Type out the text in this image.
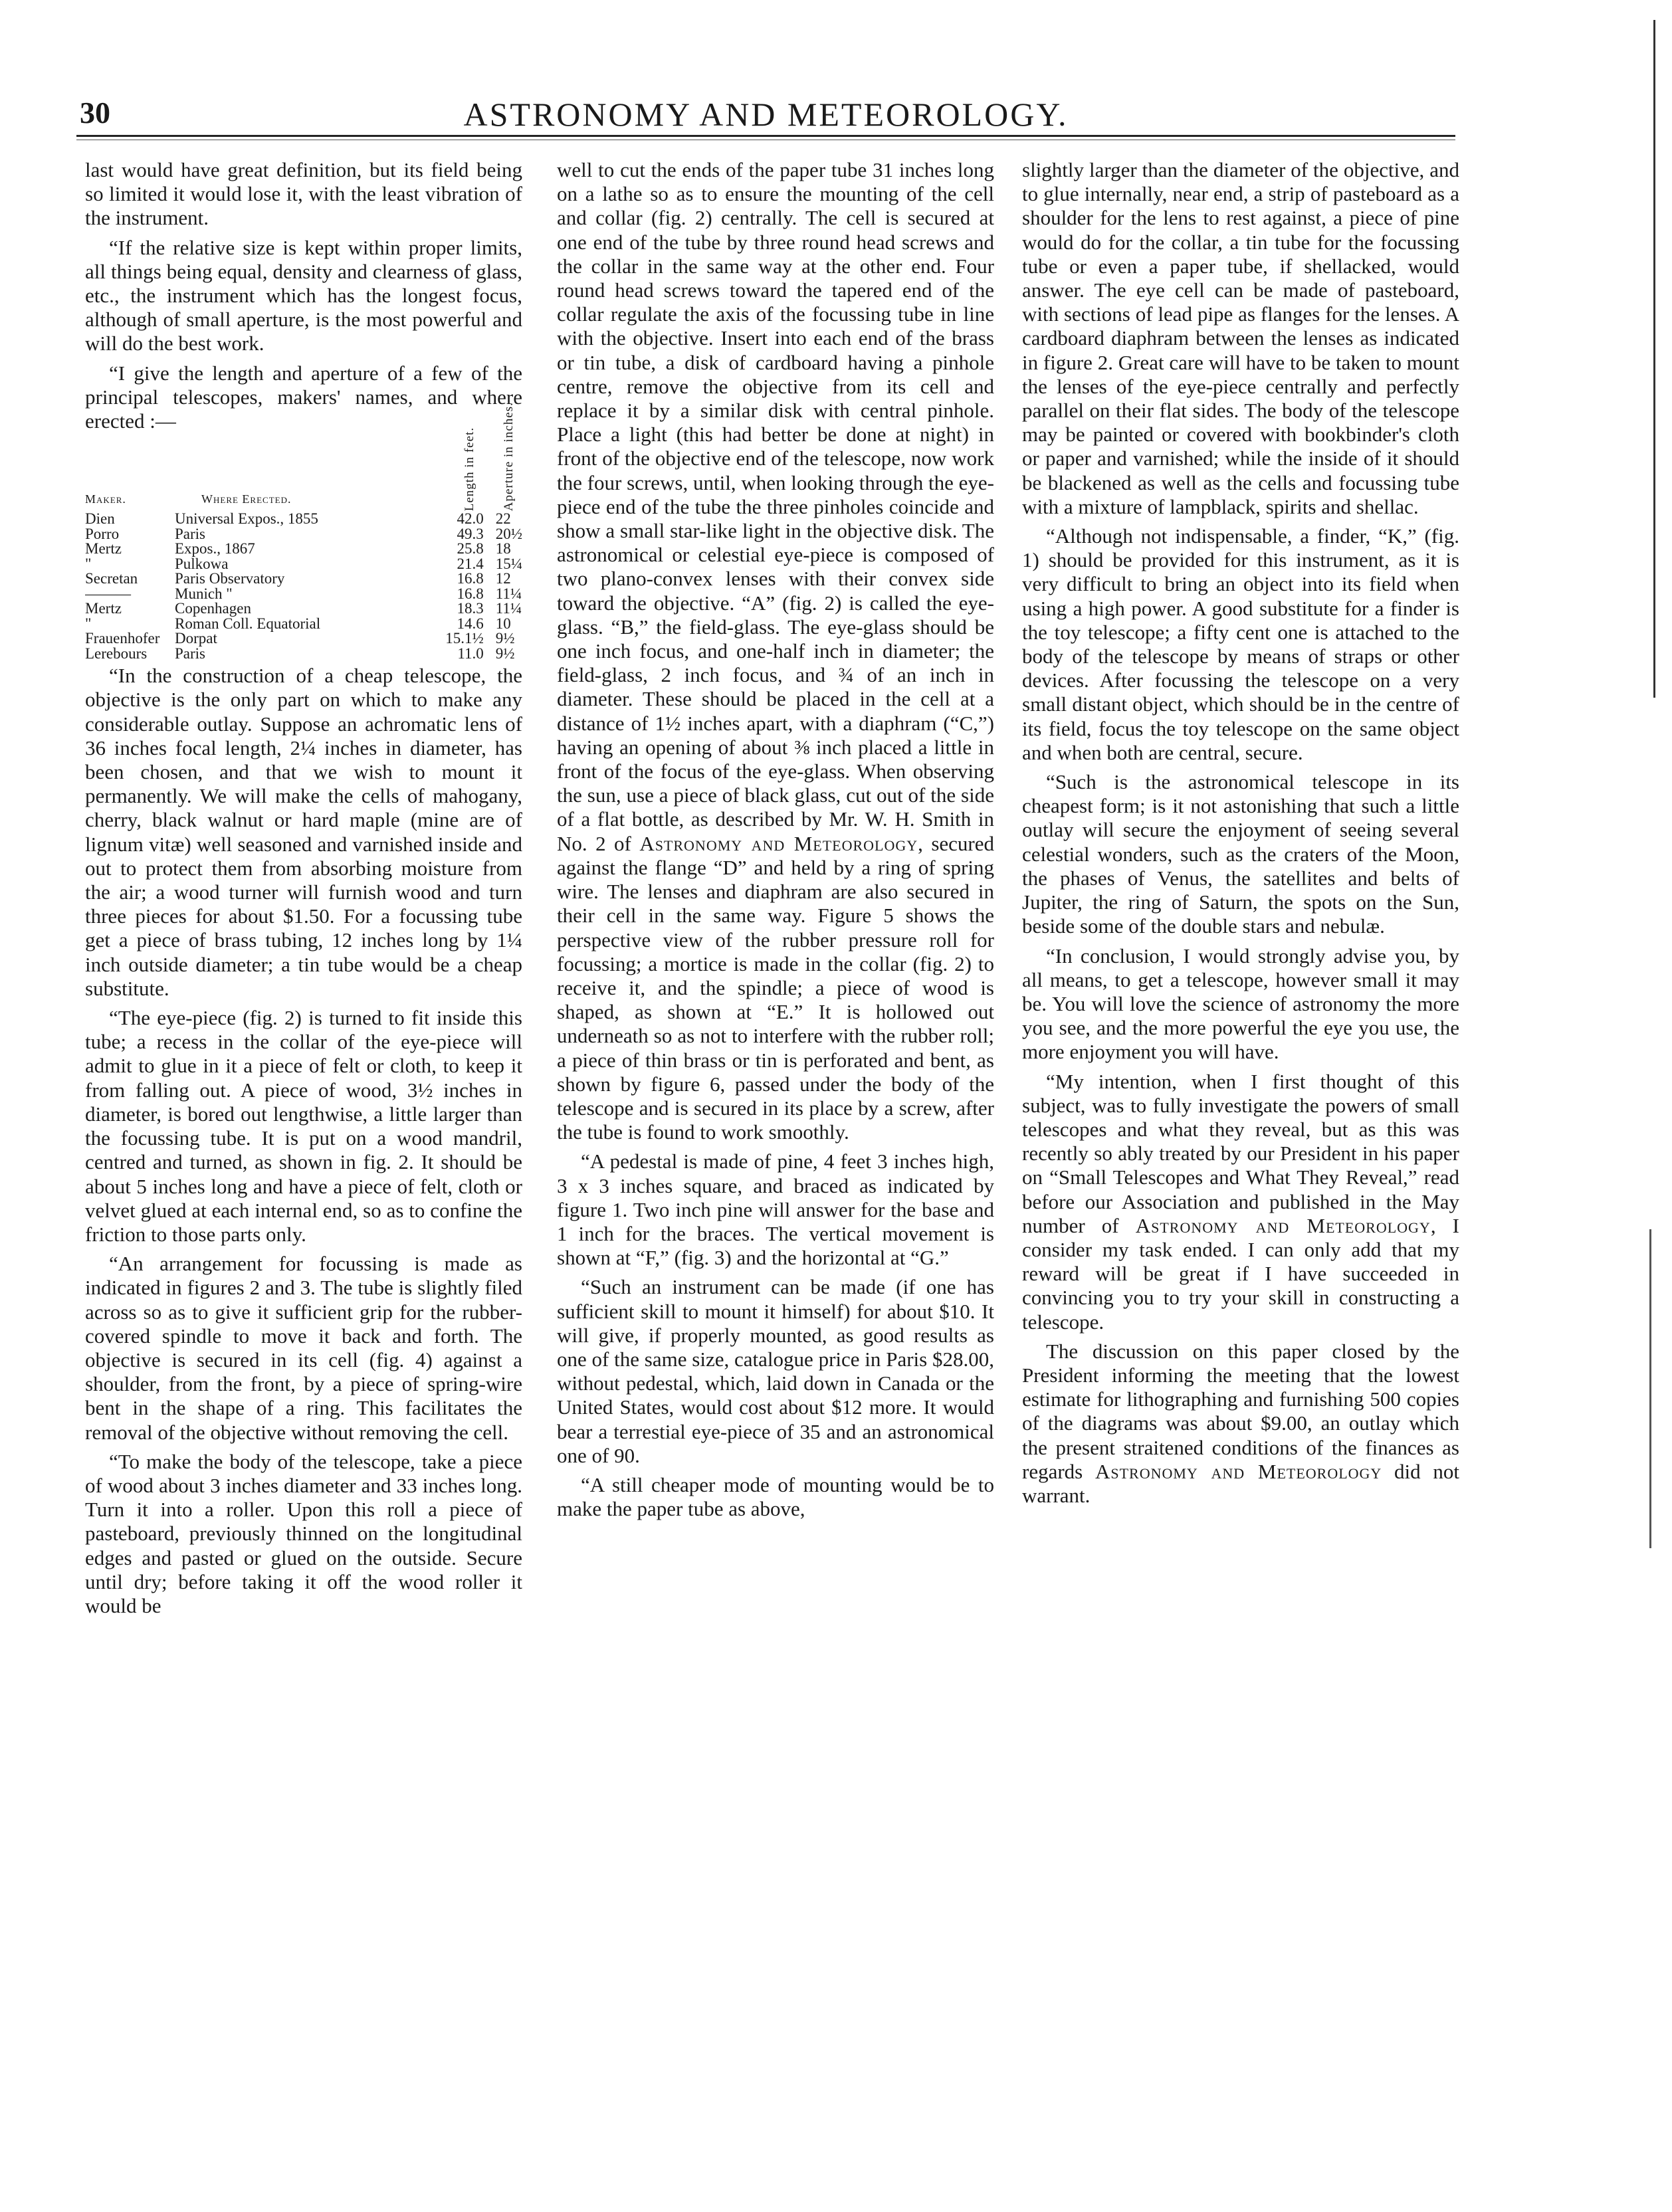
30	ASTRONOMY AND METEOROLOGY.

last would have great definition, but its field being so limited it would lose it, with the least vibration of the instrument.

“If the relative size is kept within proper limits, all things being equal, density and clearness of glass, etc., the instrument which has the longest focus, although of small aperture, is the most powerful and will do the best work.

“I give the length and aperture of a few of the principal telescopes, makers' names, and where erected :—

Maker.	Where Erected.	Length in feet.	Aperture in inches.
Dien	Universal Expos., 1855	42.0	22
Porro	Paris	49.3	20½
Mertz	Expos., 1867	25.8	18
"	Pulkowa	21.4	15¼
Secretan	Paris Observatory	16.8	12
———	Munich "	16.8	11¼
Mertz	Copenhagen	18.3	11¼
"	Roman Coll. Equatorial	14.6	10
Frauenhofer	Dorpat	15.1½	9½
Lerebours	Paris	11.0	9½

“In the construction of a cheap telescope, the objective is the only part on which to make any considerable outlay. Suppose an achromatic lens of 36 inches focal length, 2¼ inches in diameter, has been chosen, and that we wish to mount it permanently. We will make the cells of mahogany, cherry, black walnut or hard maple (mine are of lignum vitæ) well seasoned and varnished inside and out to protect them from absorbing moisture from the air; a wood turner will furnish wood and turn three pieces for about $1.50. For a focussing tube get a piece of brass tubing, 12 inches long by 1¼ inch outside diameter; a tin tube would be a cheap substitute.

“The eye-piece (fig. 2) is turned to fit inside this tube; a recess in the collar of the eye-piece will admit to glue in it a piece of felt or cloth, to keep it from falling out. A piece of wood, 3½ inches in diameter, is bored out lengthwise, a little larger than the focussing tube. It is put on a wood mandril, centred and turned, as shown in fig. 2. It should be about 5 inches long and have a piece of felt, cloth or velvet glued at each internal end, so as to confine the friction to those parts only.

“An arrangement for focussing is made as indicated in figures 2 and 3. The tube is slightly filed across so as to give it sufficient grip for the rubber-covered spindle to move it back and forth. The objective is secured in its cell (fig. 4) against a shoulder, from the front, by a piece of spring-wire bent in the shape of a ring. This facilitates the removal of the objective without removing the cell.

“To make the body of the telescope, take a piece of wood about 3 inches diameter and 33 inches long. Turn it into a roller. Upon this roll a piece of pasteboard, previously thinned on the longitudinal edges and pasted or glued on the outside. Secure until dry; before taking it off the wood roller it would be

well to cut the ends of the paper tube 31 inches long on a lathe so as to ensure the mounting of the cell and collar (fig. 2) centrally. The cell is secured at one end of the tube by three round head screws and the collar in the same way at the other end. Four round head screws toward the tapered end of the collar regulate the axis of the focussing tube in line with the objective. Insert into each end of the brass or tin tube, a disk of cardboard having a pinhole centre, remove the objective from its cell and replace it by a similar disk with central pinhole. Place a light (this had better be done at night) in front of the objective end of the telescope, now work the four screws, until, when looking through the eye-piece end of the tube the three pinholes coincide and show a small star-like light in the objective disk. The astronomical or celestial eye-piece is composed of two plano-convex lenses with their convex side toward the objective. “A” (fig. 2) is called the eye-glass. “B,” the field-glass. The eye-glass should be one inch focus, and one-half inch in diameter; the field-glass, 2 inch focus, and ¾ of an inch in diameter. These should be placed in the cell at a distance of 1½ inches apart, with a diaphram (“C,”) having an opening of about ⅜ inch placed a little in front of the focus of the eye-glass. When observing the sun, use a piece of black glass, cut out of the side of a flat bottle, as described by Mr. W. H. Smith in No. 2 of Astronomy and Meteorology, secured against the flange “D” and held by a ring of spring wire. The lenses and diaphram are also secured in their cell in the same way. Figure 5 shows the perspective view of the rubber pressure roll for focussing; a mortice is made in the collar (fig. 2) to receive it, and the spindle; a piece of wood is shaped, as shown at “E.” It is hollowed out underneath so as not to interfere with the rubber roll; a piece of thin brass or tin is perforated and bent, as shown by figure 6, passed under the body of the telescope and is secured in its place by a screw, after the tube is found to work smoothly.

“A pedestal is made of pine, 4 feet 3 inches high, 3 x 3 inches square, and braced as indicated by figure 1. Two inch pine will answer for the base and 1 inch for the braces. The vertical movement is shown at “F,” (fig. 3) and the horizontal at “G.”

“Such an instrument can be made (if one has sufficient skill to mount it himself) for about $10. It will give, if properly mounted, as good results as one of the same size, catalogue price in Paris $28.00, without pedestal, which, laid down in Canada or the United States, would cost about $12 more. It would bear a terrestial eye-piece of 35 and an astronomical one of 90.

“A still cheaper mode of mounting would be to make the paper tube as above,

slightly larger than the diameter of the objective, and to glue internally, near end, a strip of pasteboard as a shoulder for the lens to rest against, a piece of pine would do for the collar, a tin tube for the focussing tube or even a paper tube, if shellacked, would answer. The eye cell can be made of pasteboard, with sections of lead pipe as flanges for the lenses. A cardboard diaphram between the lenses as indicated in figure 2. Great care will have to be taken to mount the lenses of the eye-piece centrally and perfectly parallel on their flat sides. The body of the telescope may be painted or covered with bookbinder's cloth or paper and varnished; while the inside of it should be blackened as well as the cells and focussing tube with a mixture of lampblack, spirits and shellac.

“Although not indispensable, a finder, “K,” (fig. 1) should be provided for this instrument, as it is very difficult to bring an object into its field when using a high power. A good substitute for a finder is the toy telescope; a fifty cent one is attached to the body of the telescope by means of straps or other devices. After focussing the telescope on a very small distant object, which should be in the centre of its field, focus the toy telescope on the same object and when both are central, secure.

“Such is the astronomical telescope in its cheapest form; is it not astonishing that such a little outlay will secure the enjoyment of seeing several celestial wonders, such as the craters of the Moon, the phases of Venus, the satellites and belts of Jupiter, the ring of Saturn, the spots on the Sun, beside some of the double stars and nebulæ.

“In conclusion, I would strongly advise you, by all means, to get a telescope, however small it may be. You will love the science of astronomy the more you see, and the more powerful the eye you use, the more enjoyment you will have.

“My intention, when I first thought of this subject, was to fully investigate the powers of small telescopes and what they reveal, but as this was recently so ably treated by our President in his paper on “Small Telescopes and What They Reveal,” read before our Association and published in the May number of Astronomy and Meteorology, I consider my task ended. I can only add that my reward will be great if I have succeeded in convincing you to try your skill in constructing a telescope.

The discussion on this paper closed by the President informing the meeting that the lowest estimate for lithographing and furnishing 500 copies of the diagrams was about $9.00, an outlay which the present straitened conditions of the finances as regards Astronomy and Meteorology did not warrant.
